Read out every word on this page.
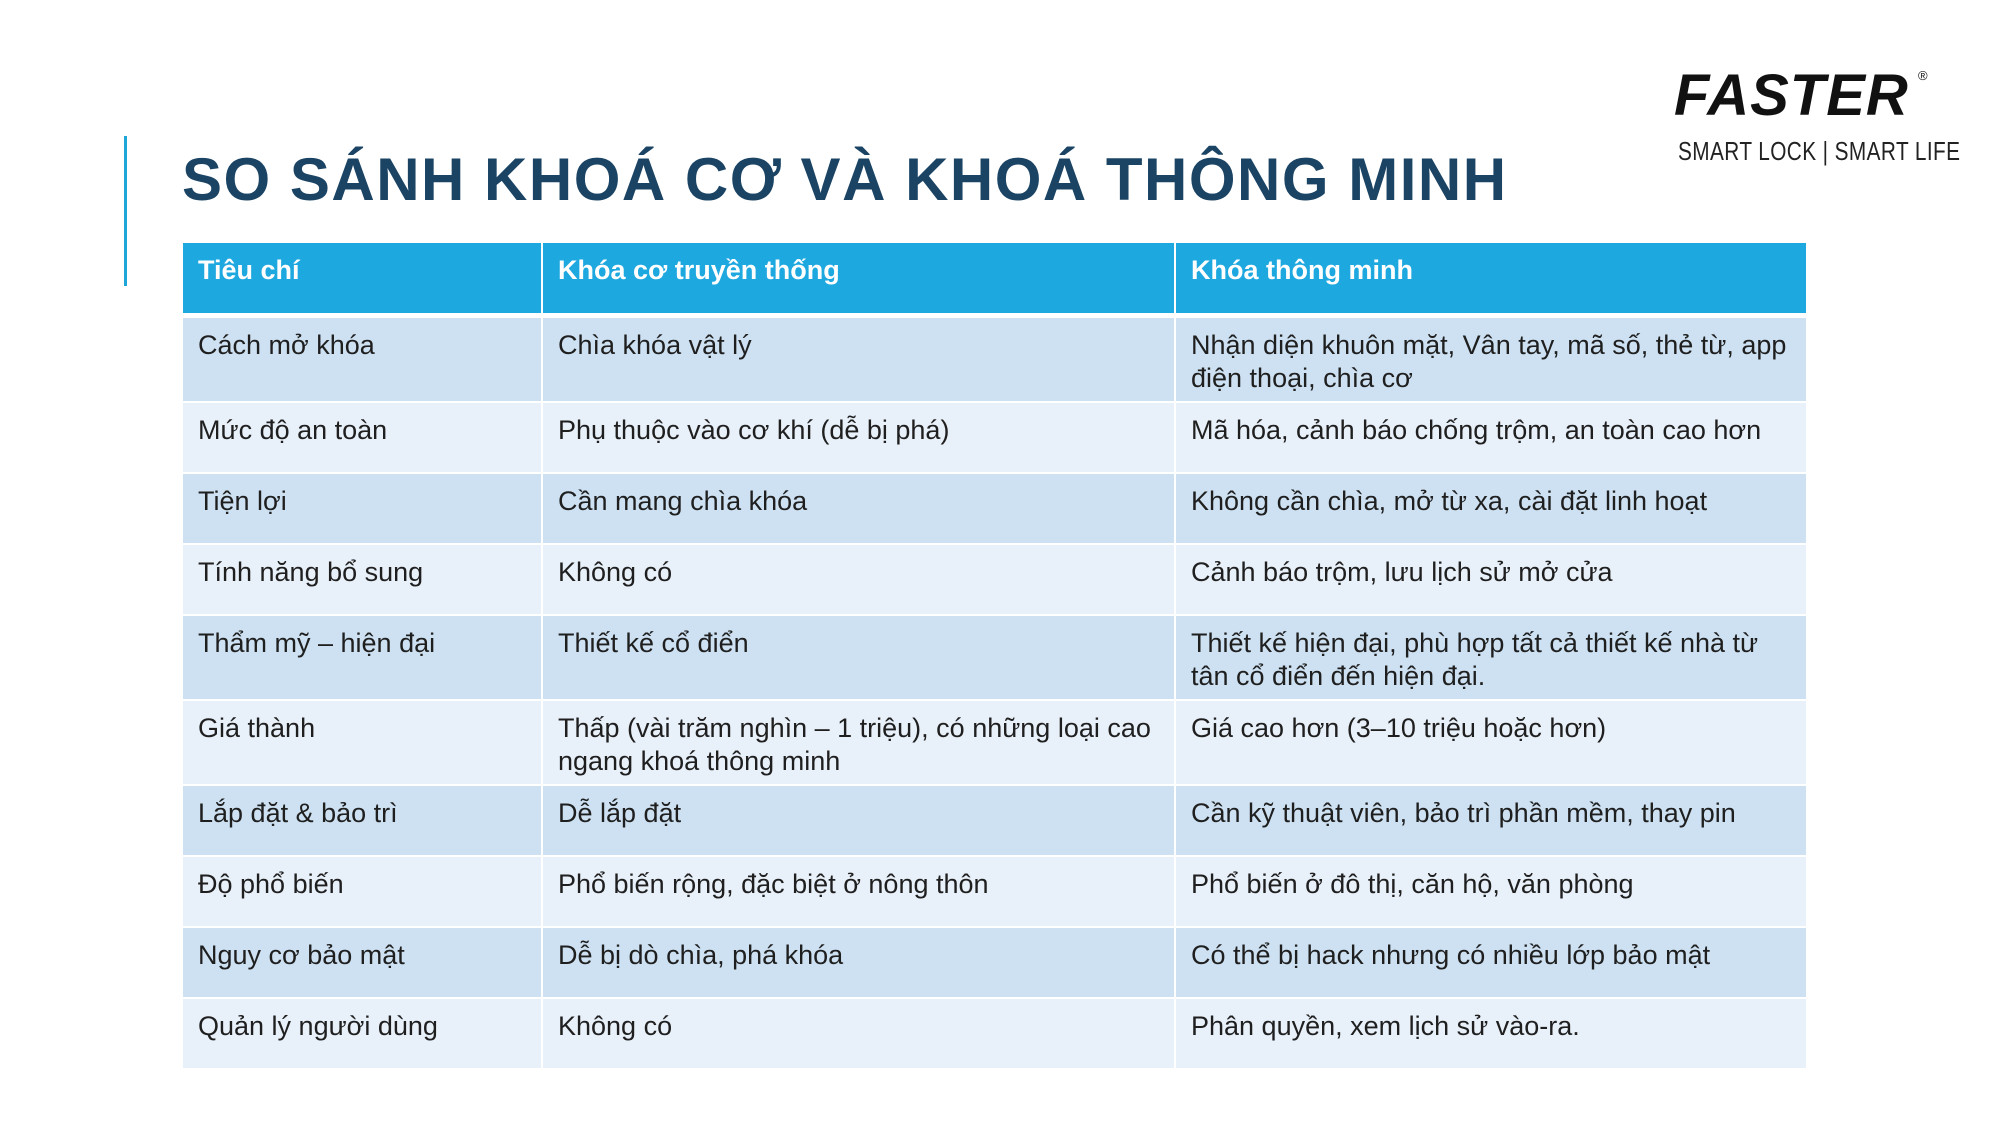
SO SÁNH KHOÁ CƠ VÀ KHOÁ THÔNG MINH
FASTER ®
SMART LOCK | SMART LIFE
Tiêu chí	Khóa cơ truyền thống	Khóa thông minh
Cách mở khóa	Chìa khóa vật lý	Nhận diện khuôn mặt, Vân tay, mã số, thẻ từ, app điện thoại, chìa cơ
Mức độ an toàn	Phụ thuộc vào cơ khí (dễ bị phá)	Mã hóa, cảnh báo chống trộm, an toàn cao hơn
Tiện lợi	Cần mang chìa khóa	Không cần chìa, mở từ xa, cài đặt linh hoạt
Tính năng bổ sung	Không có	Cảnh báo trộm, lưu lịch sử mở cửa
Thẩm mỹ – hiện đại	Thiết kế cổ điển	Thiết kế hiện đại, phù hợp tất cả thiết kế nhà từ tân cổ điển đến hiện đại.
Giá thành	Thấp (vài trăm nghìn – 1 triệu), có những loại cao ngang khoá thông minh	Giá cao hơn (3–10 triệu hoặc hơn)
Lắp đặt & bảo trì	Dễ lắp đặt	Cần kỹ thuật viên, bảo trì phần mềm, thay pin
Độ phổ biến	Phổ biến rộng, đặc biệt ở nông thôn	Phổ biến ở đô thị, căn hộ, văn phòng
Nguy cơ bảo mật	Dễ bị dò chìa, phá khóa	Có thể bị hack nhưng có nhiều lớp bảo mật
Quản lý người dùng	Không có	Phân quyền, xem lịch sử vào-ra.
